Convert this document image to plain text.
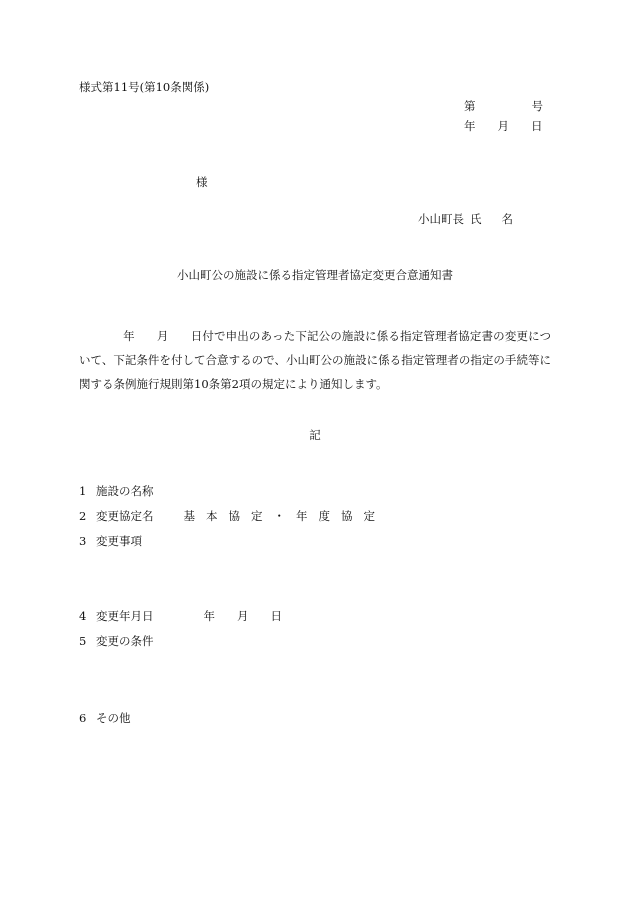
様式第11号(第10条関係)
第	号
年 月 日
様
小山町長 氏 名
小山町公の施設に係る指定管理者協定変更合意通知書
年 月 日付で申出のあった下記公の施設に係る指定管理者協定書の変更について、下記条件を付して合意するので、小山町公の施設に係る指定管理者の指定の手続等に関する条例施行規則第10条第2項の規定により通知します。
記
1 施設の名称
2 変更協定名	基本協定・年度協定
3 変更事項
4 変更年月日	年 月 日
5 変更の条件
6 その他
